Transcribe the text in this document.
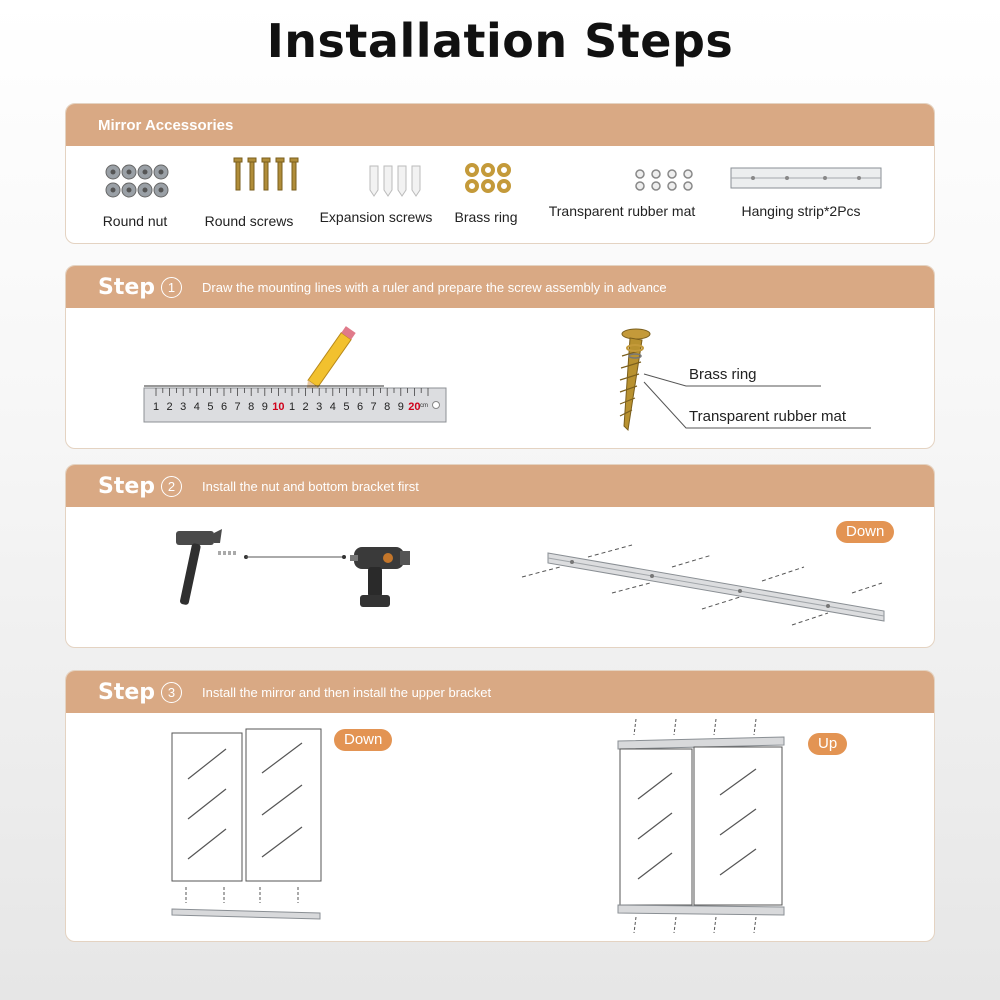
Installation Steps
Mirror Accessories
Round nut	Round screws	Expansion screws	Brass ring	Transparent rubber mat	Hanging strip*2Pcs
Step 1	Draw the mounting lines with a ruler and prepare the screw assembly in advance
1 2 3 4 5 6 7 8 9 10 1 2 3 4 5 6 7 8 9 20 cm
Brass ring
Transparent rubber mat
Step 2	Install the nut and bottom bracket first
Down
Step 3	Install the mirror and then install the upper bracket
Down	Up
